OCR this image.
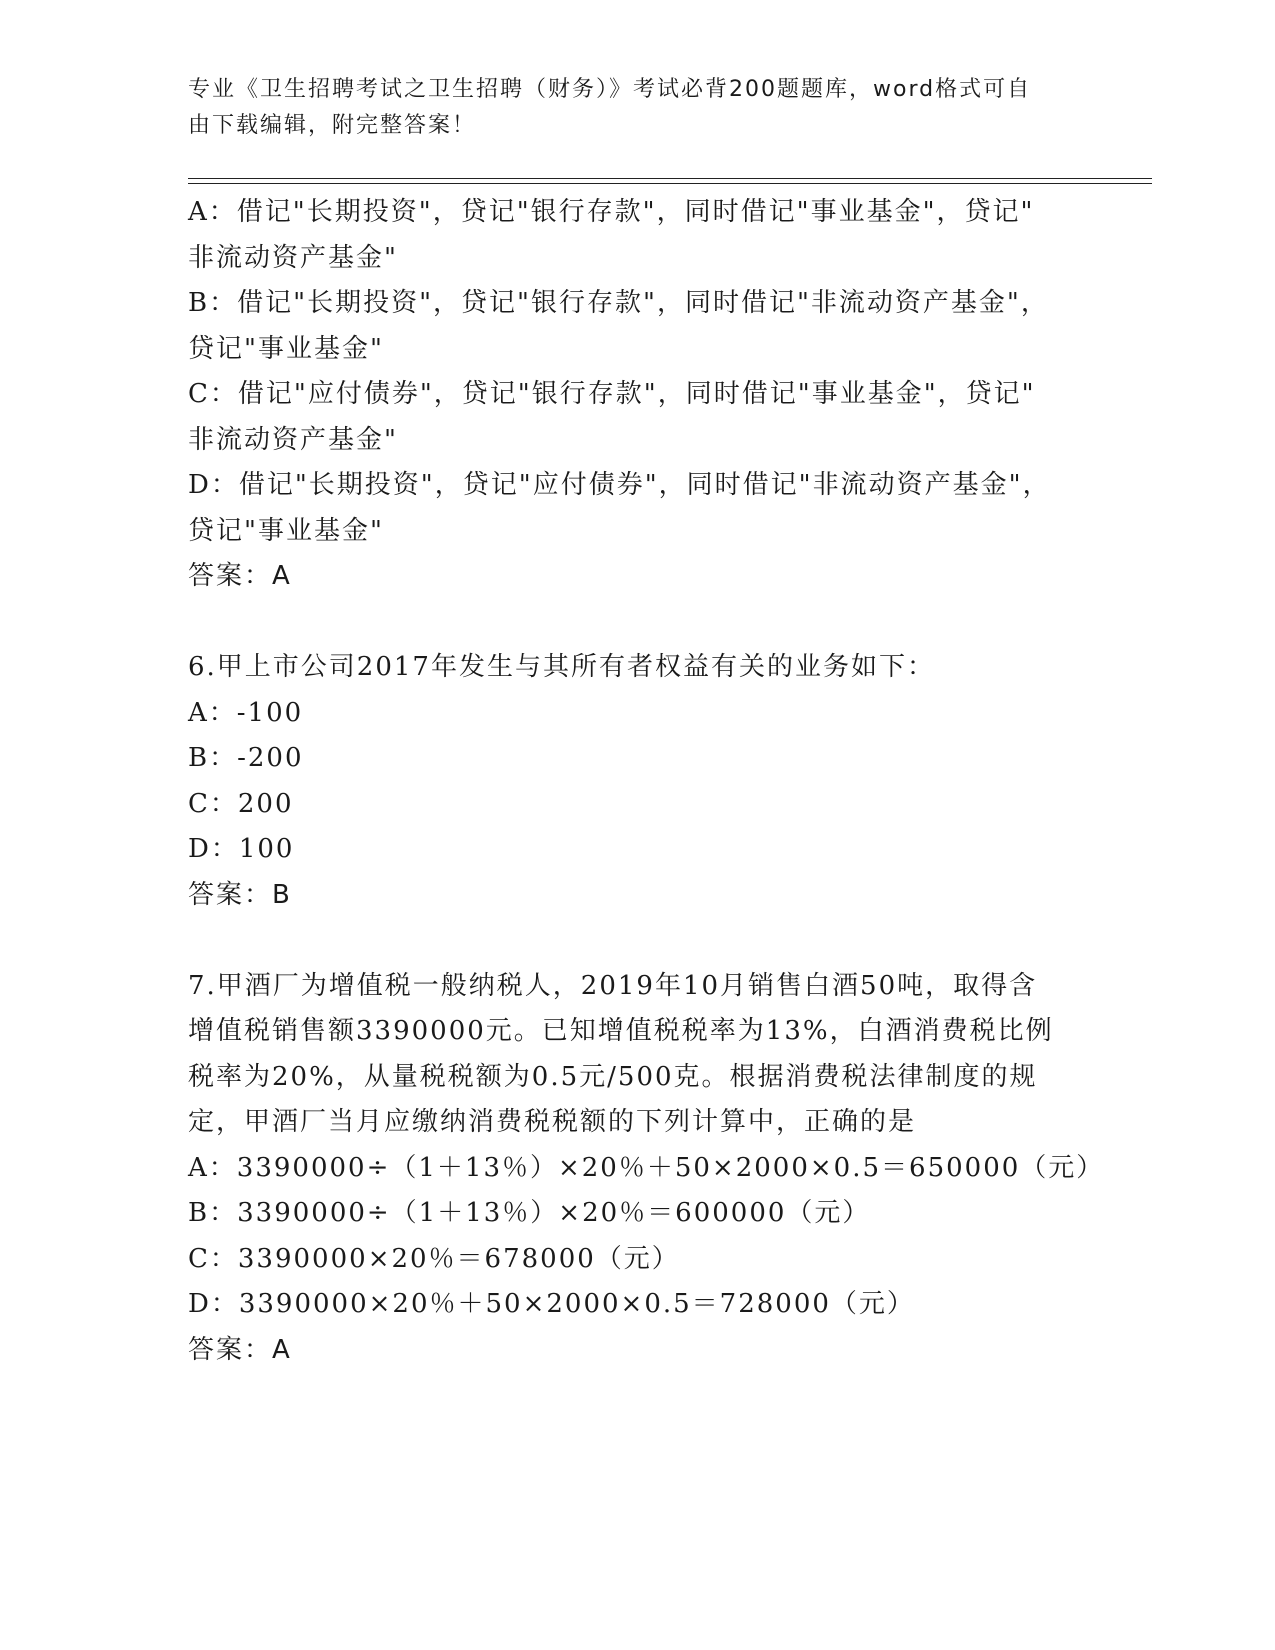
专业《卫生招聘考试之卫生招聘（财务）》考试必背200题题库，word格式可自
由下载编辑，附完整答案！
A：借记"长期投资"，贷记"银行存款"，同时借记"事业基金"，贷记"
非流动资产基金"
B：借记"长期投资"，贷记"银行存款"，同时借记"非流动资产基金"，
贷记"事业基金"
C：借记"应付债券"，贷记"银行存款"，同时借记"事业基金"，贷记"
非流动资产基金"
D：借记"长期投资"，贷记"应付债券"，同时借记"非流动资产基金"，
贷记"事业基金"
答案：A
6.甲上市公司2017年发生与其所有者权益有关的业务如下：
A：-100
B：-200
C：200
D：100
答案：B
7.甲酒厂为增值税一般纳税人，2019年10月销售白酒50吨，取得含
增值税销售额3390000元。已知增值税税率为13%，白酒消费税比例
税率为20%，从量税税额为0.5元/500克。根据消费税法律制度的规
定，甲酒厂当月应缴纳消费税税额的下列计算中，正确的是
A：3390000÷（1＋13％）×20％＋50×2000×0.5＝650000（元）
B：3390000÷（1＋13％）×20％＝600000（元）
C：3390000×20％＝678000（元）
D：3390000×20％＋50×2000×0.5＝728000（元）
答案：A
